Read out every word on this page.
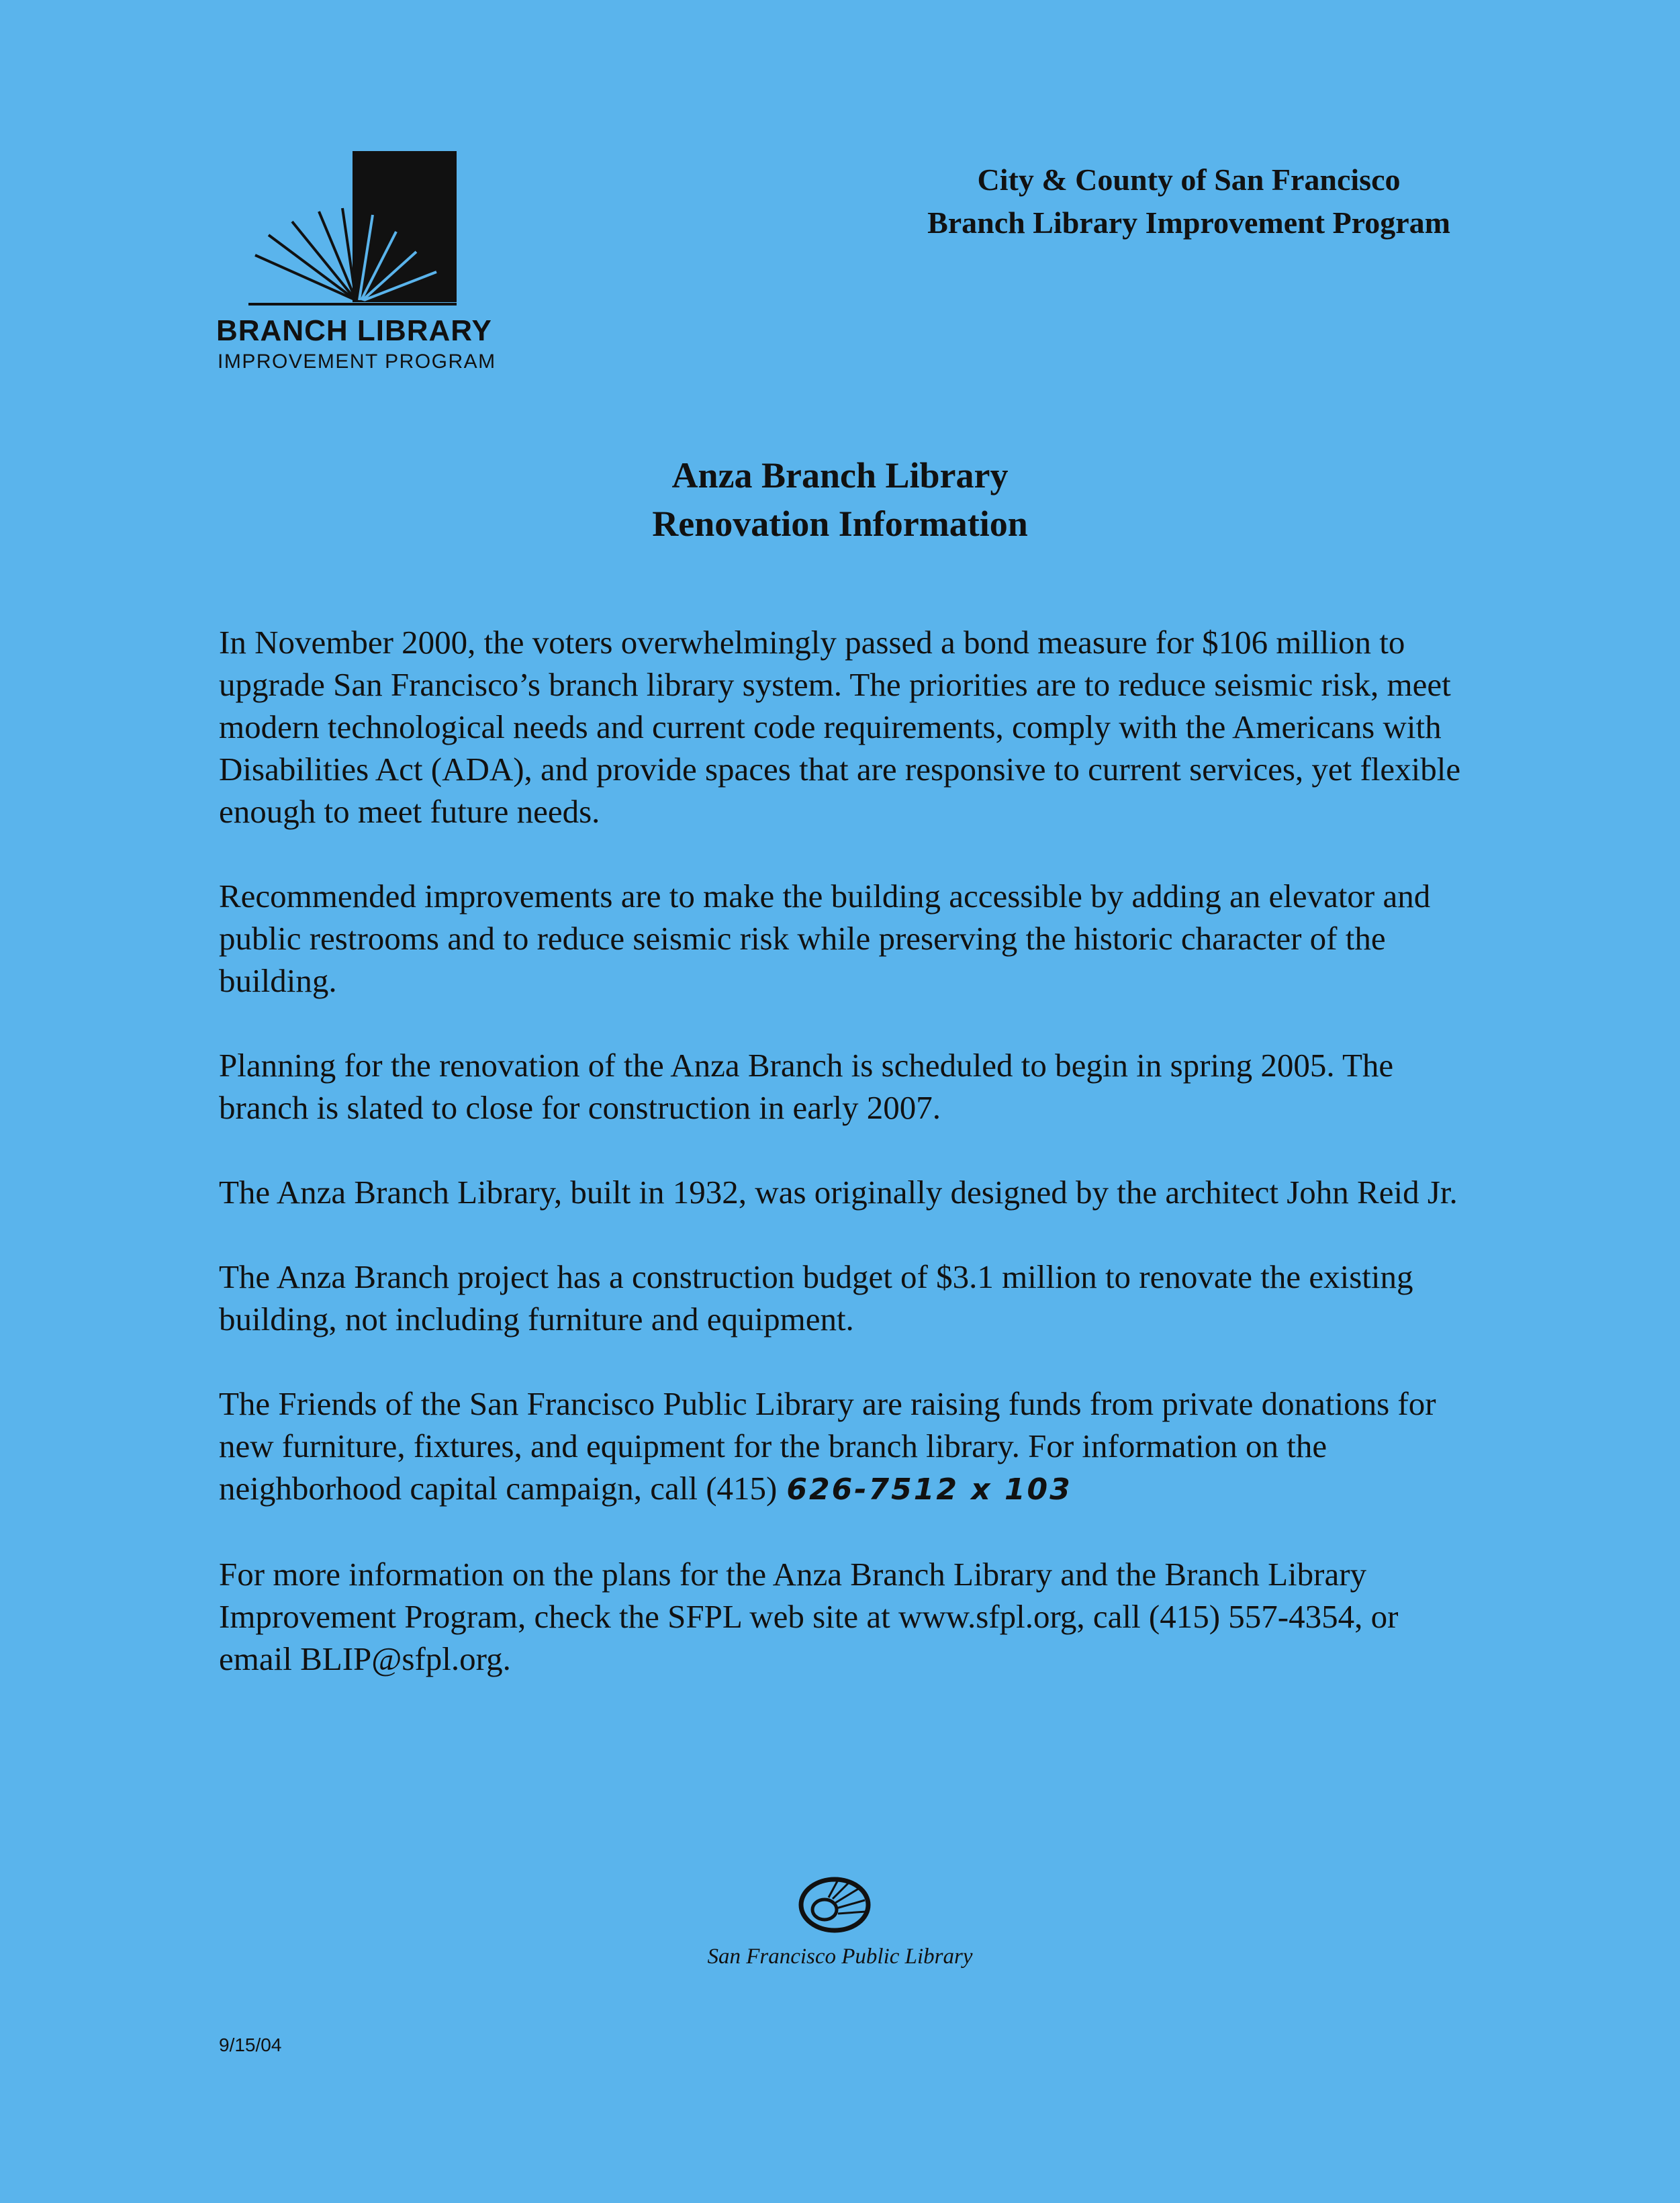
BRANCH LIBRARY
IMPROVEMENT PROGRAM
City & County of San Francisco
Branch Library Improvement Program
Anza Branch Library
Renovation Information

In November 2000, the voters overwhelmingly passed a bond measure for $106 million to upgrade San Francisco’s branch library system. The priorities are to reduce seismic risk, meet modern technological needs and current code requirements, comply with the Americans with Disabilities Act (ADA), and provide spaces that are responsive to current services, yet flexible enough to meet future needs.

Recommended improvements are to make the building accessible by adding an elevator and public restrooms and to reduce seismic risk while preserving the historic character of the building.

Planning for the renovation of the Anza Branch is scheduled to begin in spring 2005. The branch is slated to close for construction in early 2007.

The Anza Branch Library, built in 1932, was originally designed by the architect John Reid Jr.

The Anza Branch project has a construction budget of $3.1 million to renovate the existing building, not including furniture and equipment.

The Friends of the San Francisco Public Library are raising funds from private donations for new furniture, fixtures, and equipment for the branch library. For information on the neighborhood capital campaign, call (415) 626-7512 x 103

For more information on the plans for the Anza Branch Library and the Branch Library Improvement Program, check the SFPL web site at www.sfpl.org, call (415) 557-4354, or email BLIP@sfpl.org.

San Francisco Public Library
9/15/04
